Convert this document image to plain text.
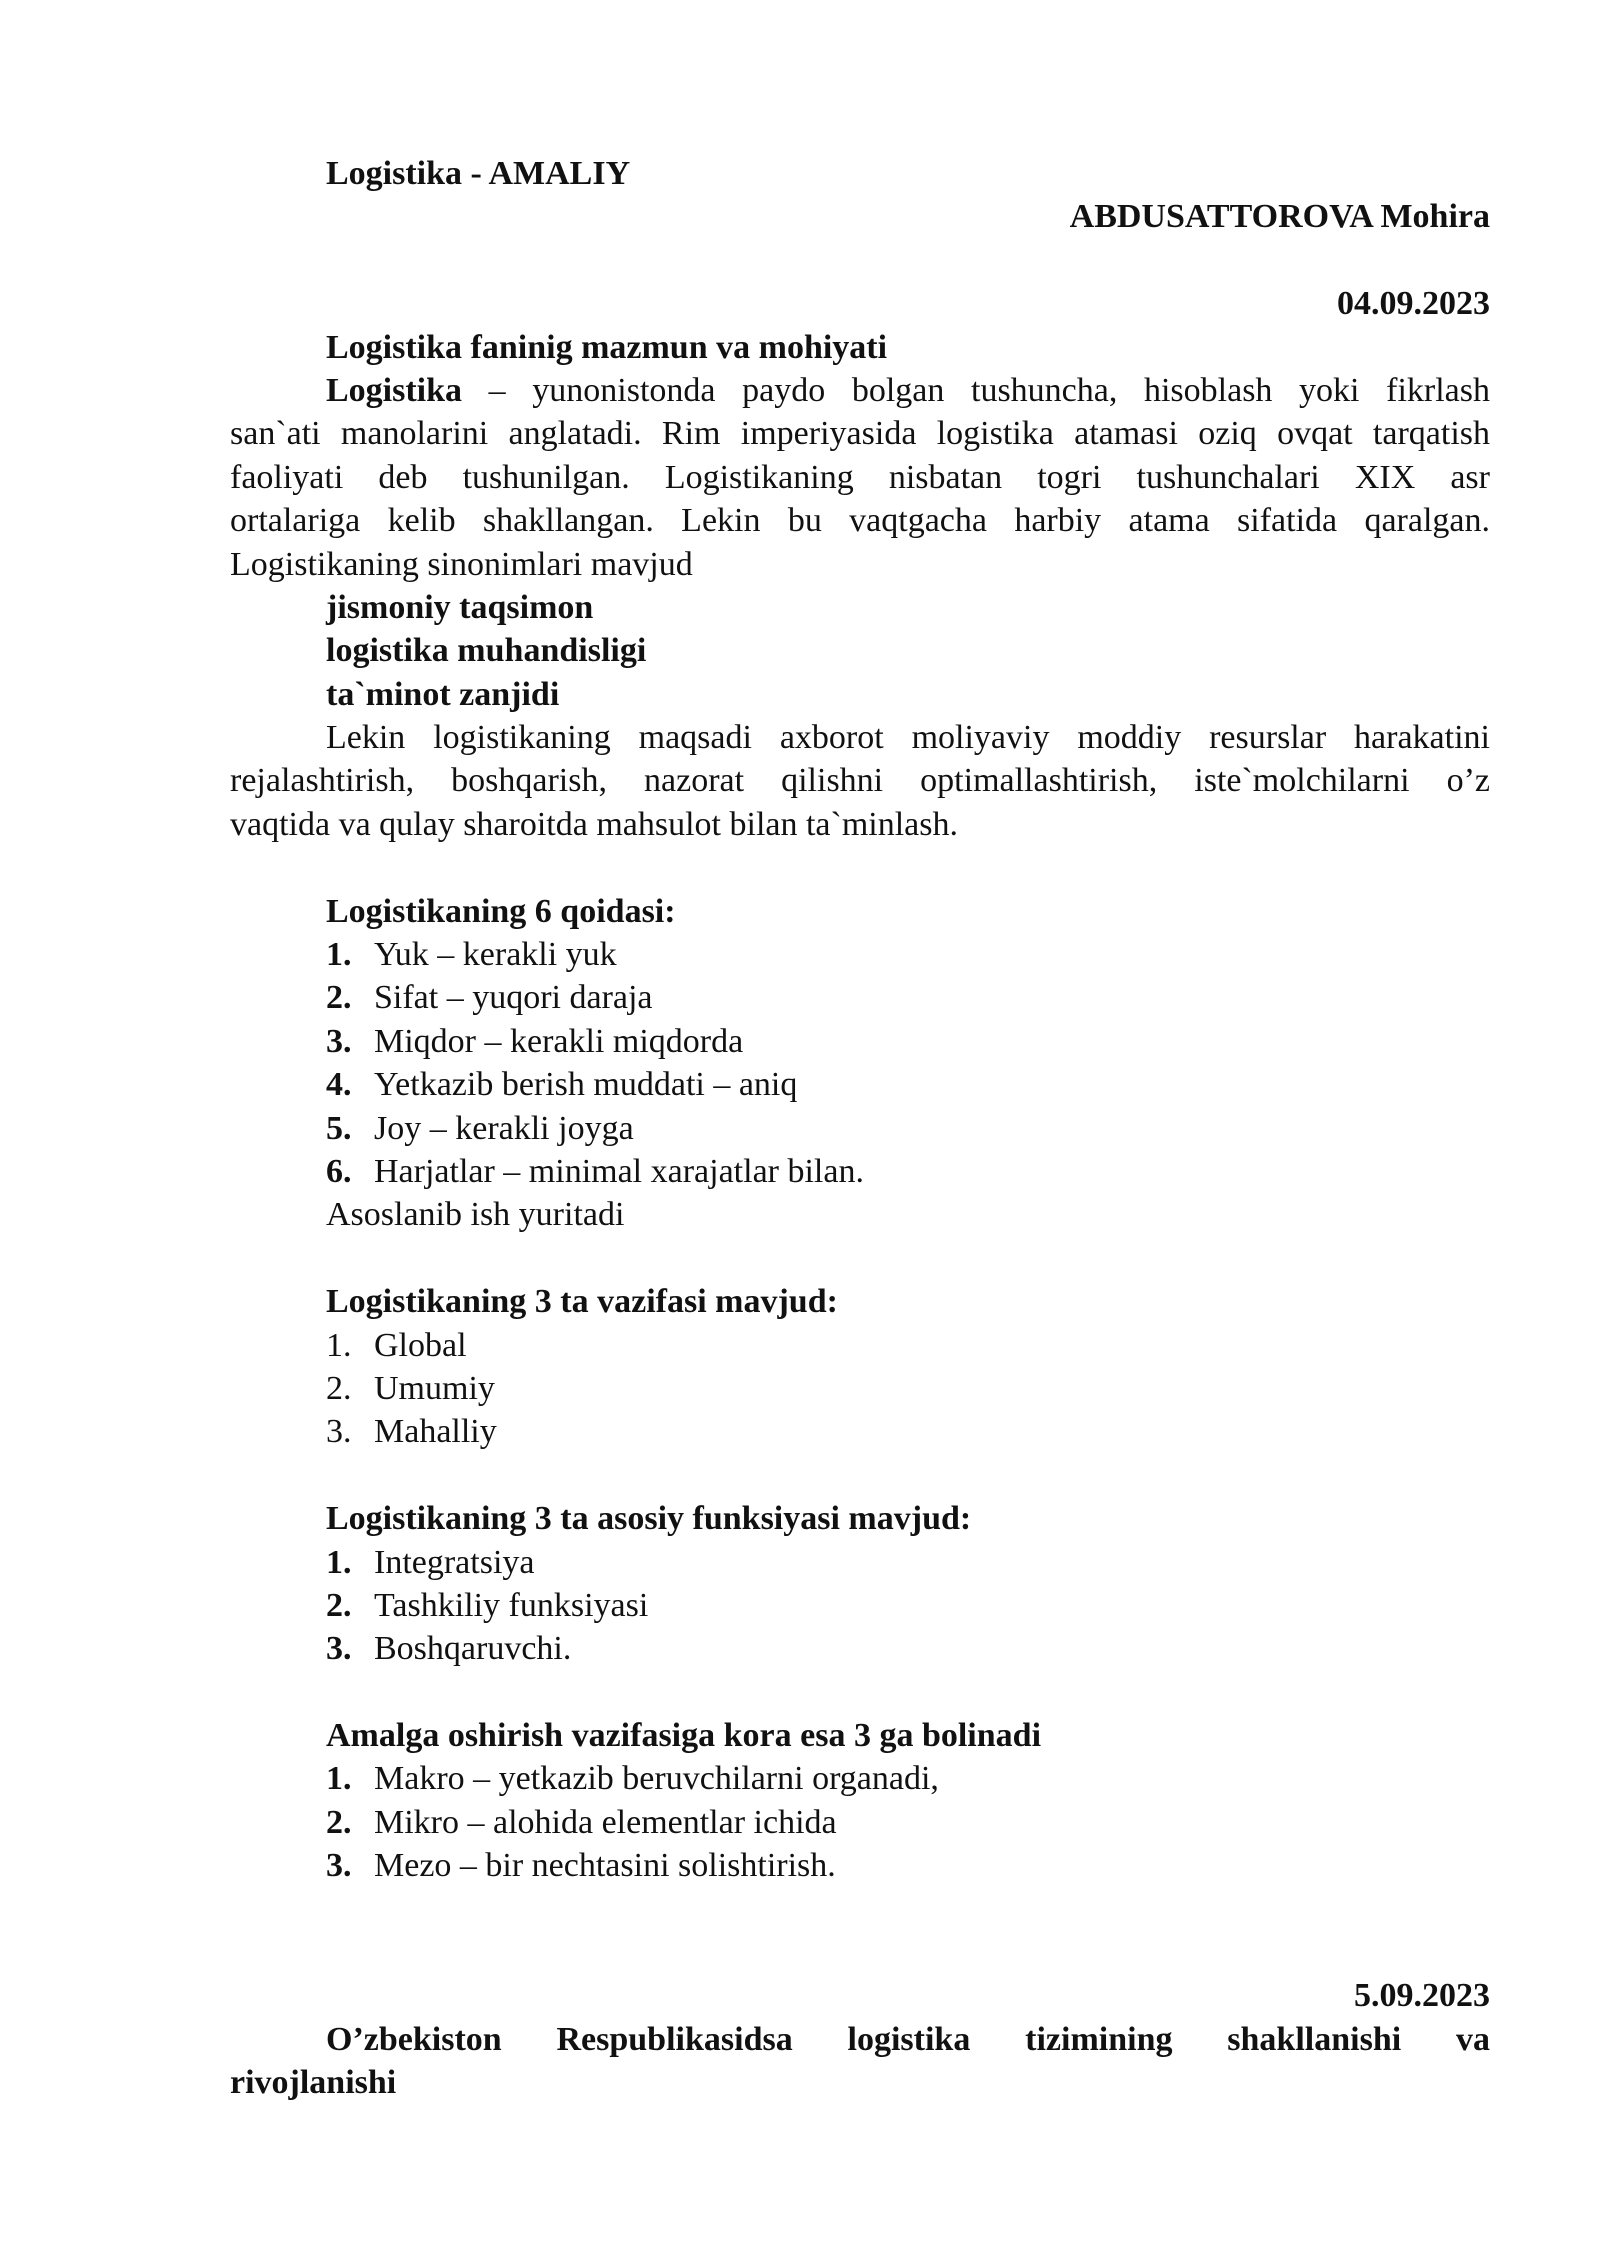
Logistika - AMALIY
ABDUSATTOROVA Mohira
04.09.2023
Logistika faninig mazmun va mohiyati
Logistika – yunonistonda paydo bolgan tushuncha, hisoblash yoki fikrlash
san`ati manolarini anglatadi. Rim imperiyasida logistika atamasi oziq ovqat tarqatish
faoliyati deb tushunilgan. Logistikaning nisbatan togri tushunchalari XIX asr
ortalariga kelib shakllangan. Lekin bu vaqtgacha harbiy atama sifatida qaralgan.
Logistikaning sinonimlari mavjud
jismoniy taqsimon
logistika muhandisligi
ta`minot zanjidi
Lekin logistikaning maqsadi axborot moliyaviy moddiy resurslar harakatini
rejalashtirish, boshqarish, nazorat qilishni optimallashtirish, iste`molchilarni o’z
vaqtida va qulay sharoitda mahsulot bilan ta`minlash.
Logistikaning 6 qoidasi:
1. Yuk – kerakli yuk
2. Sifat – yuqori daraja
3. Miqdor – kerakli miqdorda
4. Yetkazib berish muddati – aniq
5. Joy – kerakli joyga
6. Harjatlar – minimal xarajatlar bilan.
Asoslanib ish yuritadi
Logistikaning 3 ta vazifasi mavjud:
1. Global
2. Umumiy
3. Mahalliy
Logistikaning 3 ta asosiy funksiyasi mavjud:
1. Integratsiya
2. Tashkiliy funksiyasi
3. Boshqaruvchi.
Amalga oshirish vazifasiga kora esa 3 ga bolinadi
1. Makro – yetkazib beruvchilarni organadi,
2. Mikro – alohida elementlar ichida
3. Mezo – bir nechtasini solishtirish.
5.09.2023
O’zbekiston Respublikasidsa logistika tizimining shakllanishi va
rivojlanishi
